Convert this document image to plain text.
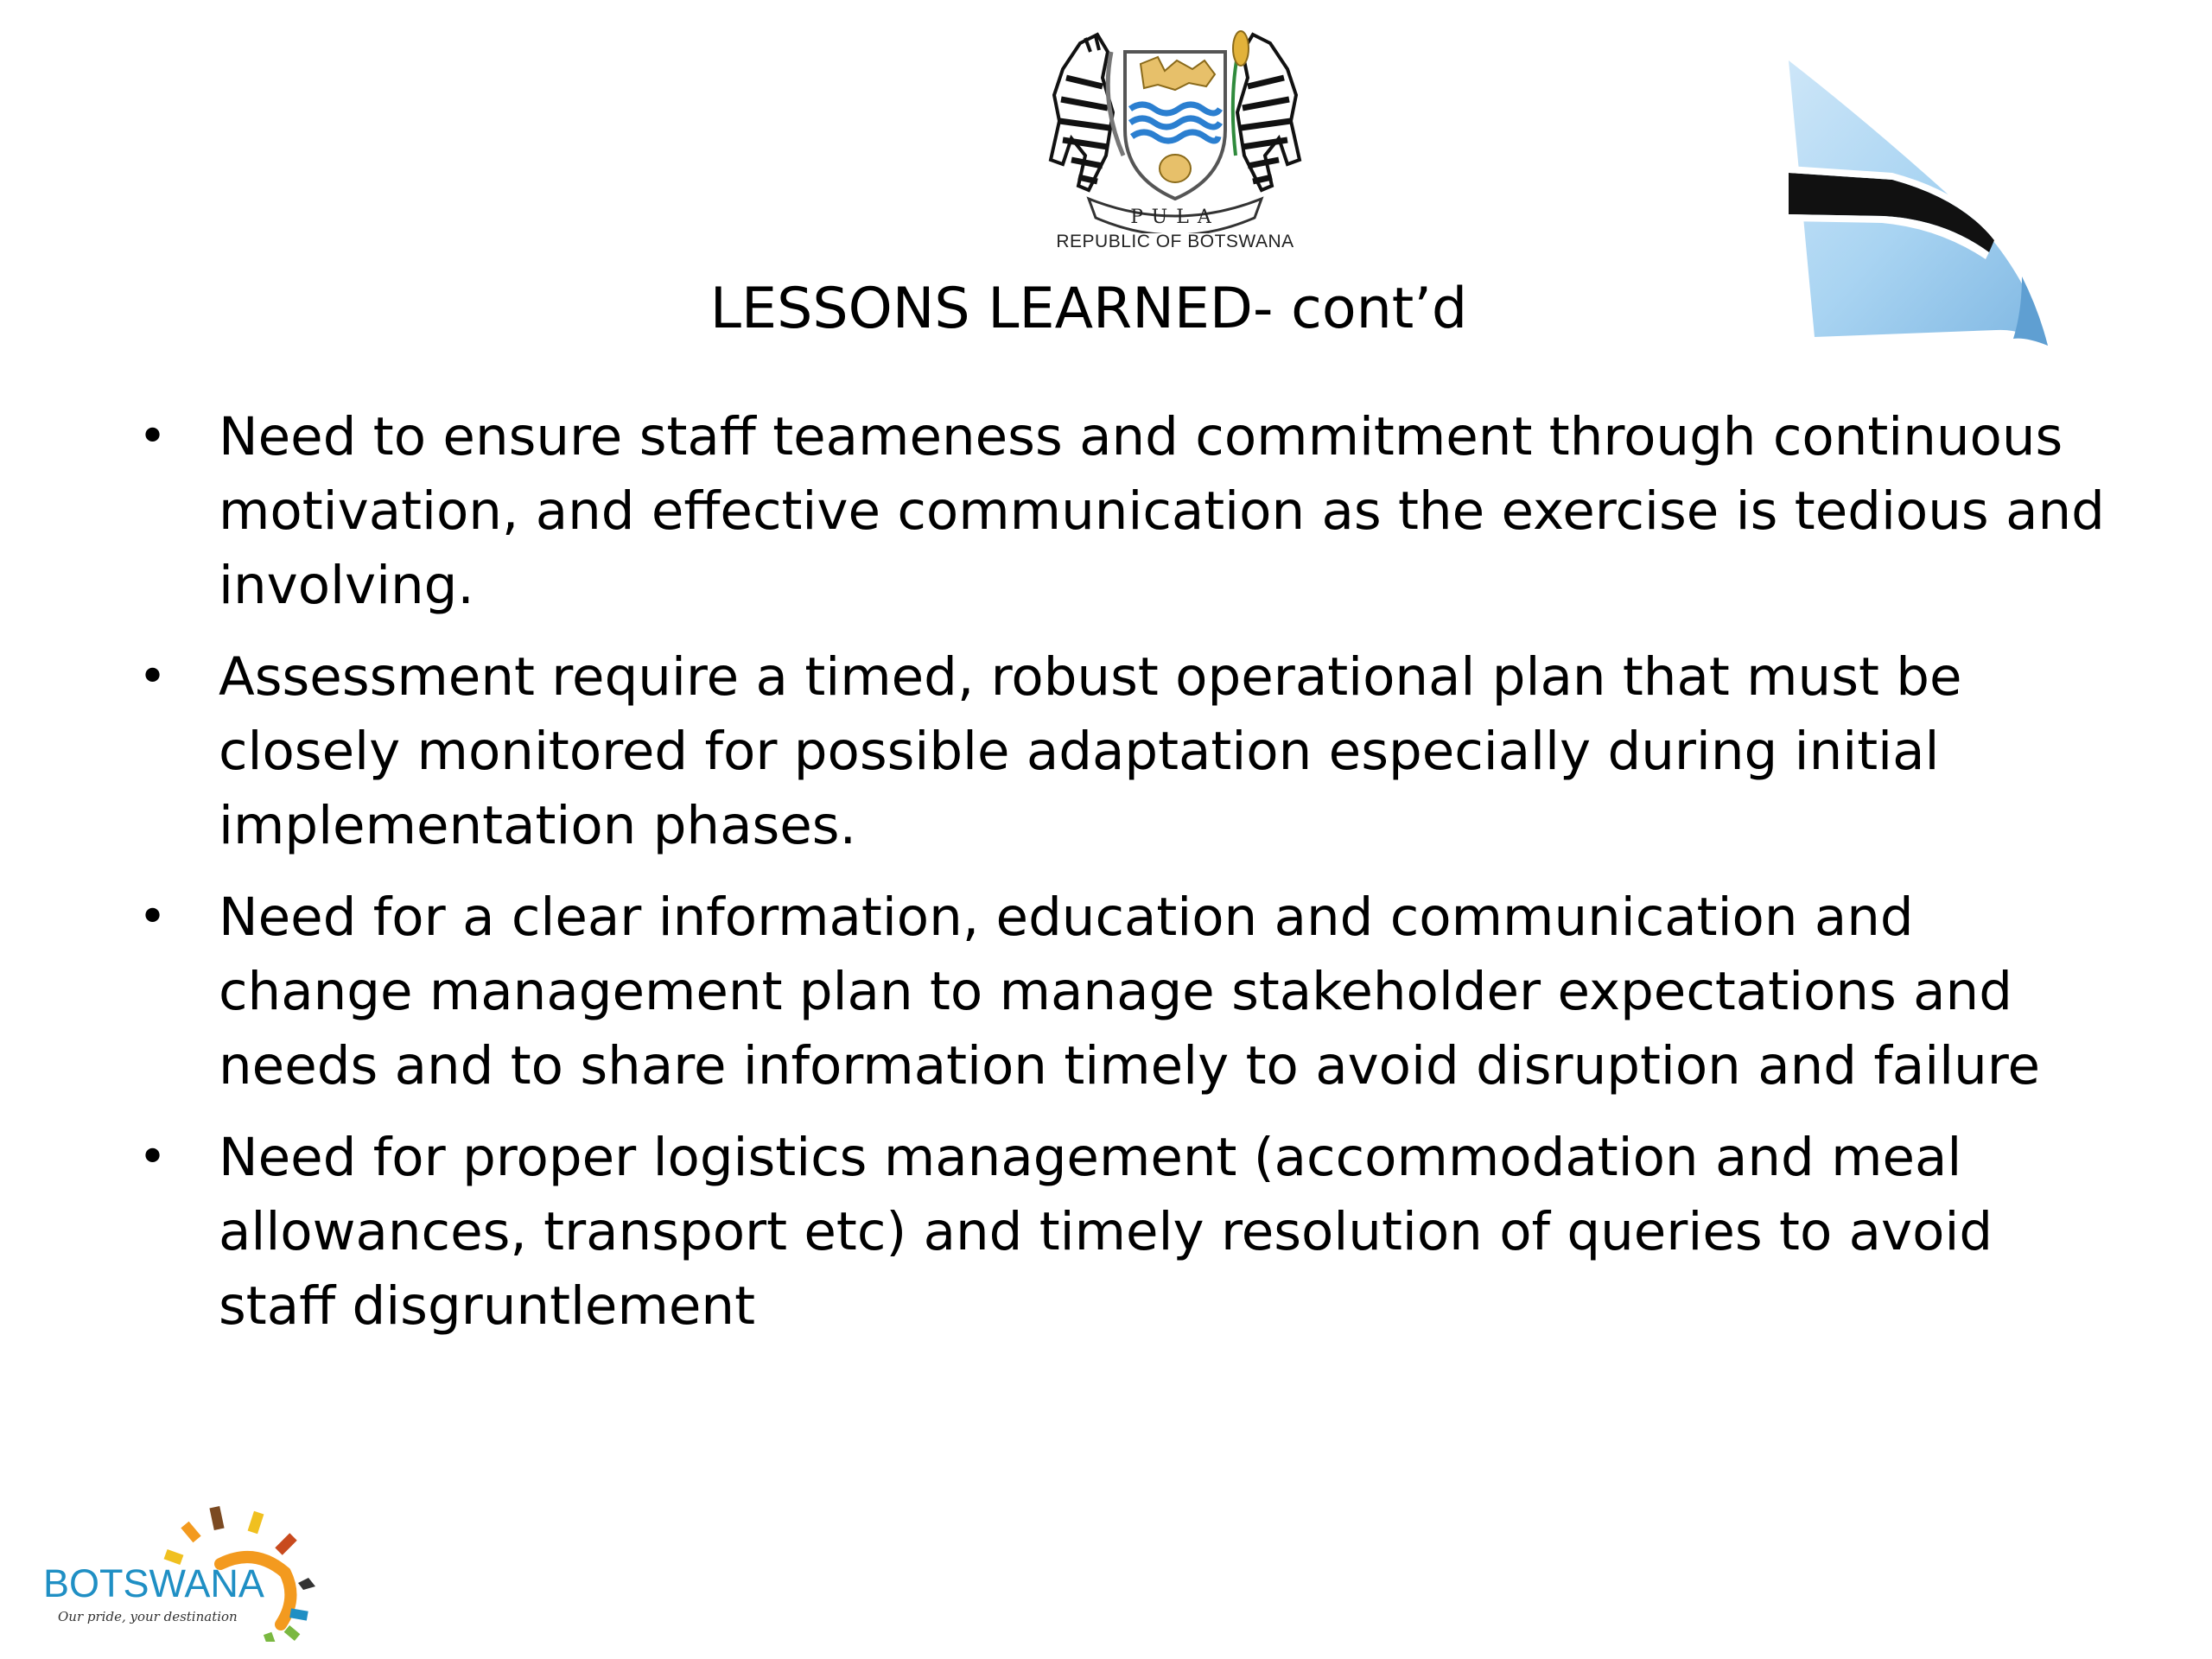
PULA
REPUBLIC OF BOTSWANA
LESSONS LEARNED- cont’d
• Need to ensure staff teameness and commitment through continuous motivation, and effective communication as the exercise is tedious and involving.
• Assessment require a timed, robust operational plan that must be closely monitored for possible adaptation especially during initial implementation phases.
• Need for a clear information, education and communication and change management plan to manage stakeholder expectations and needs and to share information timely to avoid disruption and failure
• Need for proper logistics management (accommodation and meal allowances, transport etc) and timely resolution of queries to avoid staff disgruntlement
BOTSWANA
Our pride, your destination
